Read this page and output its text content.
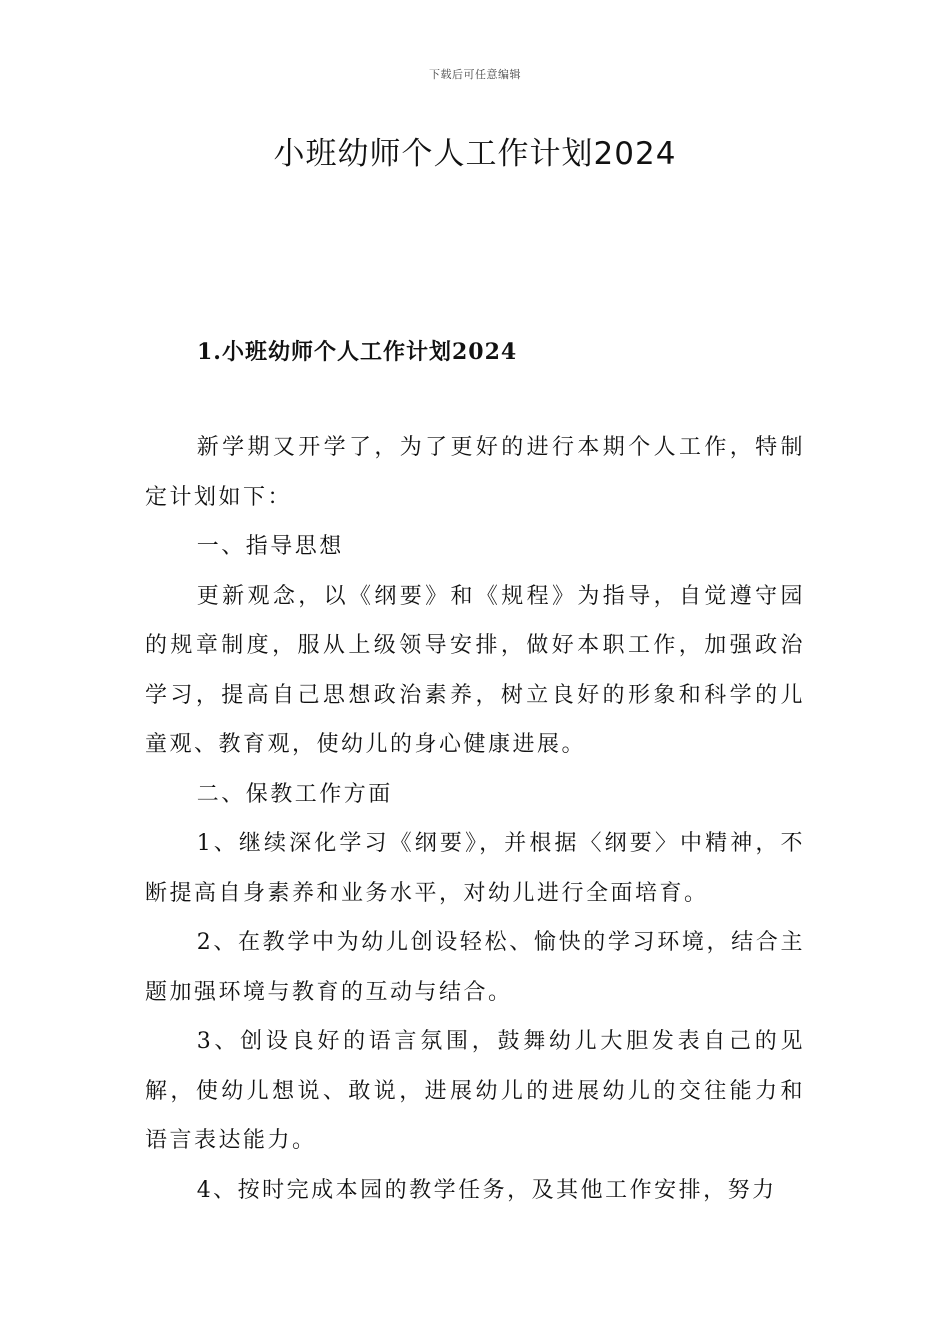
下载后可任意编辑
小班幼师个人工作计划2024
1.小班幼师个人工作计划2024

新学期又开学了，为了更好的进行本期个人工作，特制定计划如下：

一、指导思想

更新观念，以《纲要》和《规程》为指导，自觉遵守园的规章制度，服从上级领导安排，做好本职工作，加强政治学习，提高自己思想政治素养，树立良好的形象和科学的儿童观、教育观，使幼儿的身心健康进展。

二、保教工作方面

1、继续深化学习《纲要》，并根据〈纲要〉中精神，不断提高自身素养和业务水平，对幼儿进行全面培育。

2、在教学中为幼儿创设轻松、愉快的学习环境，结合主题加强环境与教育的互动与结合。

3、创设良好的语言氛围，鼓舞幼儿大胆发表自己的见解，使幼儿想说、敢说，进展幼儿的进展幼儿的交往能力和语言表达能力。

4、按时完成本园的教学任务，及其他工作安排，努力
